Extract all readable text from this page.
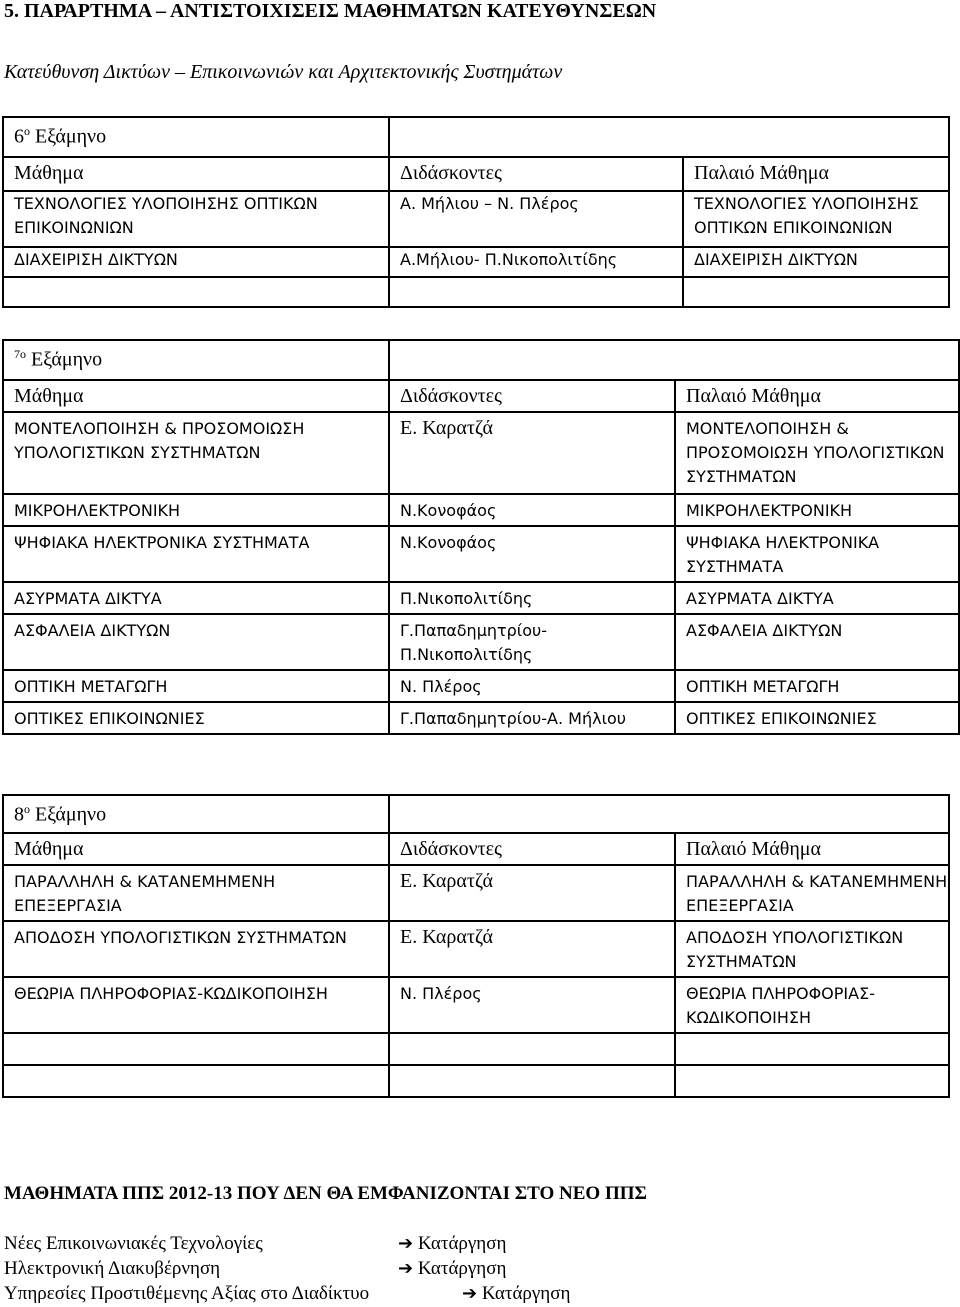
5. ΠΑΡΑΡΤΗΜΑ – ΑΝΤΙΣΤΟΙΧΙΣΕΙΣ ΜΑΘΗΜΑΤΩΝ ΚΑΤΕΥΘΥΝΣΕΩΝ
Κατεύθυνση Δικτύων – Επικοινωνιών και Αρχιτεκτονικής Συστημάτων
$6^o$ Εξάμηνο		
Μάθημα	Διδάσκοντες	Παλαιό Μάθημα
ΤΕΧΝΟΛΟΓΙΕΣ ΥΛΟΠΟΙΗΣΗΣ ΟΠΤΙΚΩΝ ΕΠΙΚΟΙΝΩΝΙΩΝ	Α. Μήλιου – Ν. Πλέρος	ΤΕΧΝΟΛΟΓΙΕΣ ΥΛΟΠΟΙΗΣΗΣ ΟΠΤΙΚΩΝ ΕΠΙΚΟΙΝΩΝΙΩΝ
ΔΙΑΧΕΙΡΙΣΗ ΔΙΚΤΥΩΝ	Α.Μήλιου- Π.Νικοπολιτίδης	ΔΙΑΧΕΙΡΙΣΗ ΔΙΚΤΥΩΝ

$^{7o}$ Εξάμηνο		
Μάθημα	Διδάσκοντες	Παλαιό Μάθημα
ΜΟΝΤΕΛΟΠΟΙΗΣΗ & ΠΡΟΣΟΜΟΙΩΣΗ ΥΠΟΛΟΓΙΣΤΙΚΩΝ ΣΥΣΤΗΜΑΤΩΝ	Ε. Καρατζά	ΜΟΝΤΕΛΟΠΟΙΗΣΗ & ΠΡΟΣΟΜΟΙΩΣΗ ΥΠΟΛΟΓΙΣΤΙΚΩΝ ΣΥΣΤΗΜΑΤΩΝ
ΜΙΚΡΟΗΛΕΚΤΡΟΝΙΚΗ	Ν.Κονοφάος	ΜΙΚΡΟΗΛΕΚΤΡΟΝΙΚΗ
ΨΗΦΙΑΚΑ ΗΛΕΚΤΡΟΝΙΚΑ ΣΥΣΤΗΜΑΤΑ	Ν.Κονοφάος	ΨΗΦΙΑΚΑ ΗΛΕΚΤΡΟΝΙΚΑ ΣΥΣΤΗΜΑΤΑ
ΑΣΥΡΜΑΤΑ ΔΙΚΤΥΑ	Π.Νικοπολιτίδης	ΑΣΥΡΜΑΤΑ ΔΙΚΤΥΑ
ΑΣΦΑΛΕΙΑ ΔΙΚΤΥΩΝ	Γ.Παπαδημητρίου- Π.Νικοπολιτίδης	ΑΣΦΑΛΕΙΑ ΔΙΚΤΥΩΝ
ΟΠΤΙΚΗ ΜΕΤΑΓΩΓΗ	Ν. Πλέρος	ΟΠΤΙΚΗ ΜΕΤΑΓΩΓΗ
ΟΠΤΙΚΕΣ ΕΠΙΚΟΙΝΩΝΙΕΣ	Γ.Παπαδημητρίου-Α. Μήλιου	ΟΠΤΙΚΕΣ ΕΠΙΚΟΙΝΩΝΙΕΣ
$8^o$ Εξάμηνο		
Μάθημα	Διδάσκοντες	Παλαιό Μάθημα
ΠΑΡΑΛΛΗΛΗ & ΚΑΤΑΝΕΜΗΜΕΝΗ ΕΠΕΞΕΡΓΑΣΙΑ	Ε. Καρατζά	ΠΑΡΑΛΛΗΛΗ & ΚΑΤΑΝΕΜΗΜΕΝΗ ΕΠΕΞΕΡΓΑΣΙΑ
ΑΠΟΔΟΣΗ ΥΠΟΛΟΓΙΣΤΙΚΩΝ ΣΥΣΤΗΜΑΤΩΝ	Ε. Καρατζά	ΑΠΟΔΟΣΗ ΥΠΟΛΟΓΙΣΤΙΚΩΝ ΣΥΣΤΗΜΑΤΩΝ
ΘΕΩΡΙΑ ΠΛΗΡΟΦΟΡΙΑΣ-ΚΩΔΙΚΟΠΟΙΗΣΗ	Ν. Πλέρος	ΘΕΩΡΙΑ ΠΛΗΡΟΦΟΡΙΑΣ-ΚΩΔΙΚΟΠΟΙΗΣΗ

ΜΑΘΗΜΑΤΑ ΠΠΣ 2012-13 ΠΟΥ ΔΕΝ ΘΑ ΕΜΦΑΝΙΖΟΝΤΑΙ ΣΤΟ ΝΕΟ ΠΠΣ
Νέες Επικοινωνιακές Τεχνολογίες	➔ Κατάργηση
Ηλεκτρονική Διακυβέρνηση	➔ Κατάργηση
Υπηρεσίες Προστιθέμενης Αξίας στο Διαδίκτυο	➔ Κατάργηση
